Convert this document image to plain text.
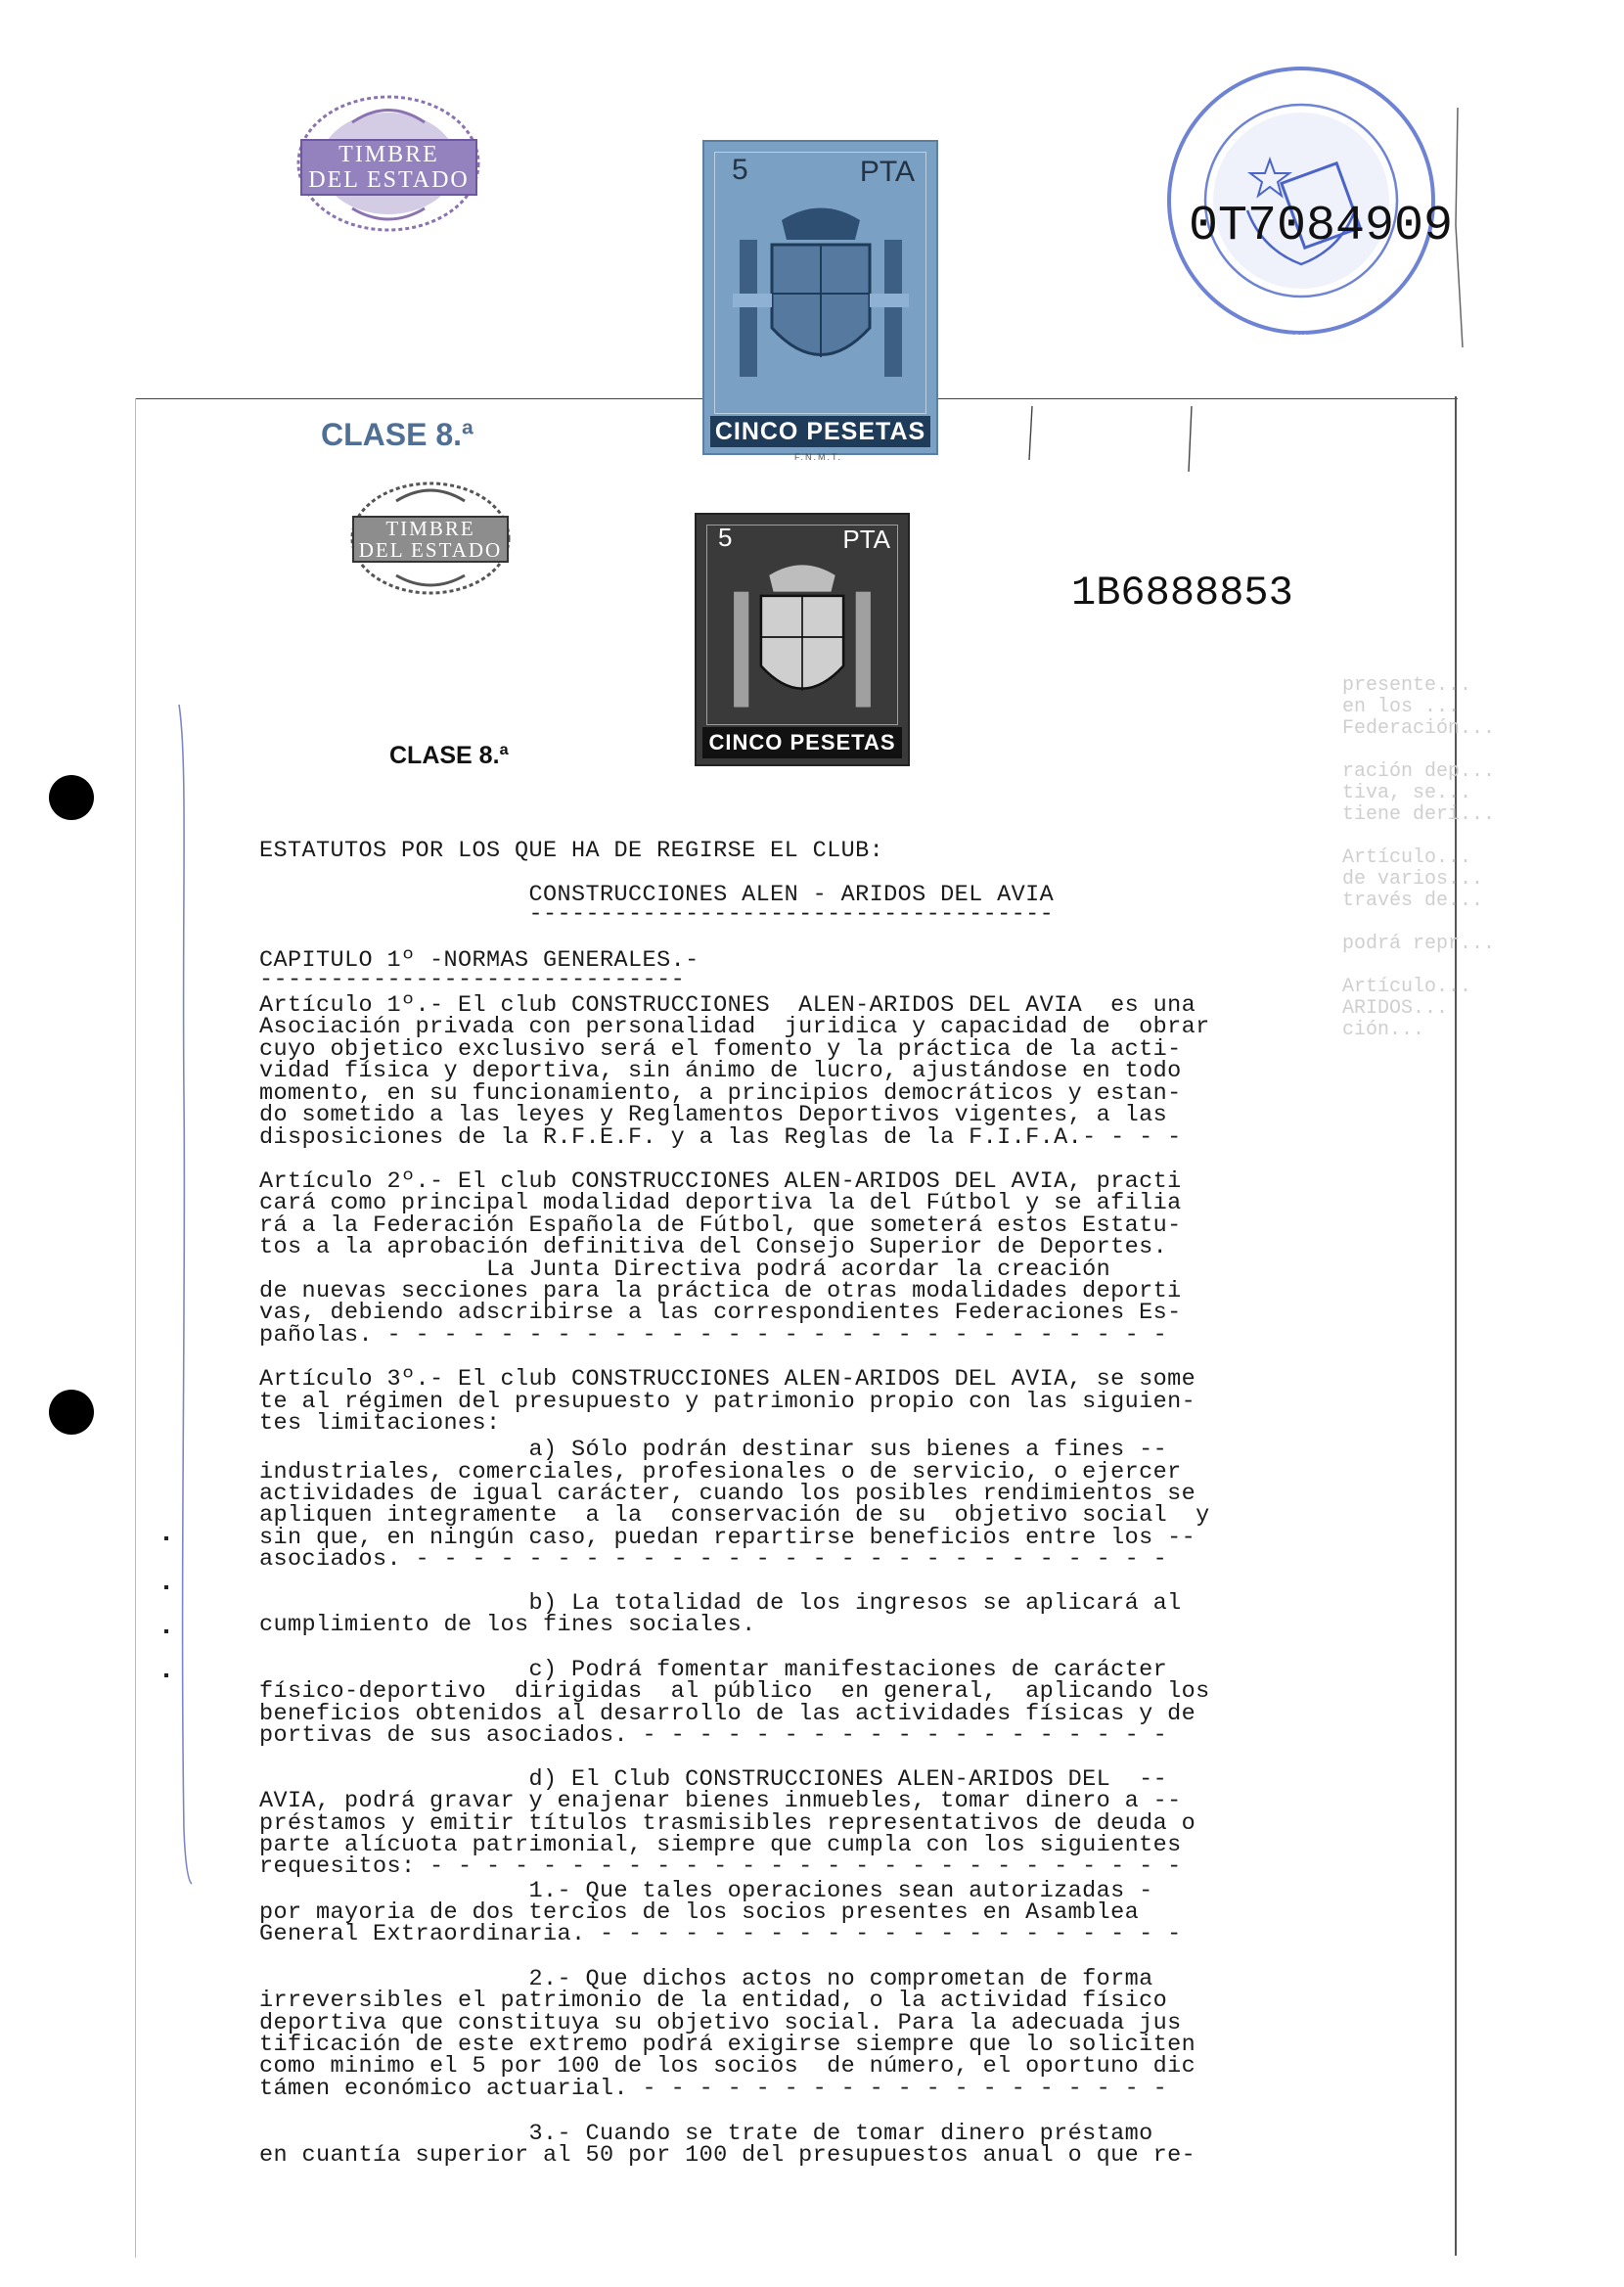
TIMBRE
DEL ESTADO	5	PTA
CINCO PESETAS
F.N.M.T.
CLASE 8.ª
DON ENRIQUE RAFAEL GARCIA ROMERO · NOTARIO · CARBALLIÑO (OURENSE)
0T7084909
TIMBRE
DEL ESTADO	5	PTA
CINCO PESETAS
CLASE 8.ª
1B6888853
presente...
en los ...
Federación...

ración dep...
tiva, se...
tiene deri...

Artículo...
de varios...
través de...

podrá repr...

Artículo...
ARIDOS...
ción...
ESTATUTOS POR LOS QUE HA DE REGIRSE EL CLUB:
CONSTRUCCIONES ALEN - ARIDOS DEL AVIA
-------------------------------------
CAPITULO 1º -NORMAS GENERALES.-
------------------------------
Artículo 1º.- El club CONSTRUCCIONES  ALEN-ARIDOS DEL AVIA  es una
Asociación privada con personalidad  juridica y capacidad de  obrar
cuyo objetico exclusivo será el fomento y la práctica de la acti-
vidad física y deportiva, sin ánimo de lucro, ajustándose en todo
momento, en su funcionamiento, a principios democráticos y estan-
do sometido a las leyes y Reglamentos Deportivos vigentes, a las
disposiciones de la R.F.E.F. y a las Reglas de la F.I.F.A.- - - -
Artículo 2º.- El club CONSTRUCCIONES ALEN-ARIDOS DEL AVIA, practi
cará como principal modalidad deportiva la del Fútbol y se afilia
rá a la Federación Española de Fútbol, que someterá estos Estatu-
tos a la aprobación definitiva del Consejo Superior de Deportes.
La Junta Directiva podrá acordar la creación
de nuevas secciones para la práctica de otras modalidades deporti
vas, debiendo adscribirse a las correspondientes Federaciones Es-
pañolas. - - - - - - - - - - - - - - - - - - - - - - - - - - - -
Artículo 3º.- El club CONSTRUCCIONES ALEN-ARIDOS DEL AVIA, se some
te al régimen del presupuesto y patrimonio propio con las siguien-
tes limitaciones:
a) Sólo podrán destinar sus bienes a fines --
industriales, comerciales, profesionales o de servicio, o ejercer
actividades de igual carácter, cuando los posibles rendimientos se
apliquen integramente  a la  conservación de su  objetivo social  y
sin que, en ningún caso, puedan repartirse beneficios entre los --
asociados. - - - - - - - - - - - - - - - - - - - - - - - - - - -
b) La totalidad de los ingresos se aplicará al
cumplimiento de los fines sociales.
c) Podrá fomentar manifestaciones de carácter
físico-deportivo  dirigidas  al público  en general,  aplicando los
beneficios obtenidos al desarrollo de las actividades físicas y de
portivas de sus asociados. - - - - - - - - - - - - - - - - - - -
d) El Club CONSTRUCCIONES ALEN-ARIDOS DEL  --
AVIA, podrá gravar y enajenar bienes inmuebles, tomar dinero a --
préstamos y emitir títulos trasmisibles representativos de deuda o
parte alícuota patrimonial, siempre que cumpla con los siguientes
requesitos: - - - - - - - - - - - - - - - - - - - - - - - - - - -
1.- Que tales operaciones sean autorizadas -
por mayoria de dos tercios de los socios presentes en Asamblea
General Extraordinaria. - - - - - - - - - - - - - - - - - - - - -
2.- Que dichos actos no comprometan de forma
irreversibles el patrimonio de la entidad, o la actividad físico
deportiva que constituya su objetivo social. Para la adecuada jus
tificación de este extremo podrá exigirse siempre que lo soliciten
como minimo el 5 por 100 de los socios  de número, el oportuno dic
támen económico actuarial. - - - - - - - - - - - - - - - - - - -
3.- Cuando se trate de tomar dinero préstamo
en cuantía superior al 50 por 100 del presupuestos anual o que re-
